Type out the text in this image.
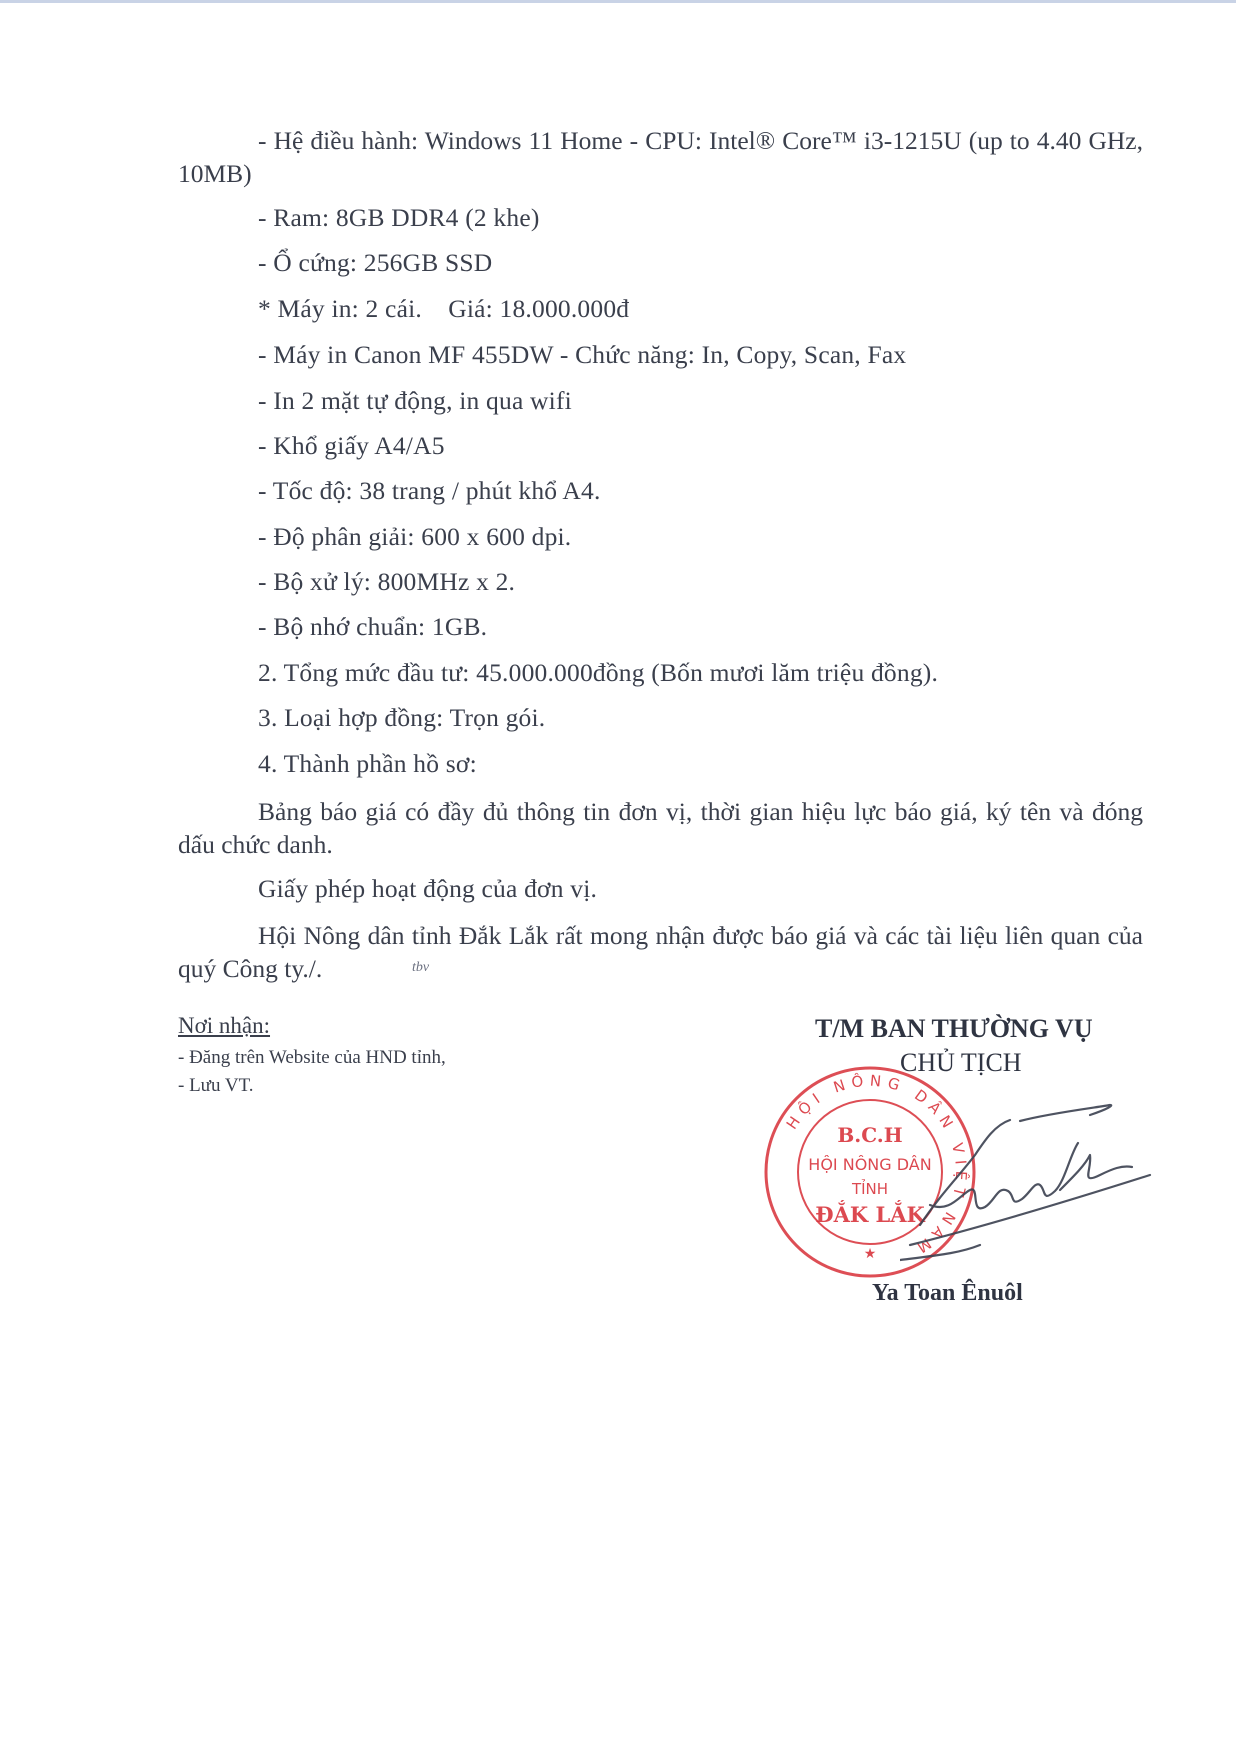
- Hệ điều hành: Windows 11 Home - CPU: Intel® Core™ i3-1215U (up to 4.40 GHz, 10MB)
- Ram: 8GB DDR4 (2 khe)
- Ổ cứng: 256GB SSD
* Máy in: 2 cái.    Giá: 18.000.000đ
- Máy in Canon MF 455DW - Chức năng: In, Copy, Scan, Fax
- In 2 mặt tự động, in qua wifi
- Khổ giấy A4/A5
- Tốc độ: 38 trang / phút khổ A4.
- Độ phân giải: 600 x 600 dpi.
- Bộ xử lý: 800MHz x 2.
- Bộ nhớ chuẩn: 1GB.
2. Tổng mức đầu tư: 45.000.000đồng (Bốn mươi lăm triệu đồng).
3. Loại hợp đồng: Trọn gói.
4. Thành phần hồ sơ:
Bảng báo giá có đầy đủ thông tin đơn vị, thời gian hiệu lực báo giá, ký tên và đóng dấu chức danh.
Giấy phép hoạt động của đơn vị.
Hội Nông dân tỉnh Đắk Lắk rất mong nhận được báo giá và các tài liệu liên quan của quý Công ty./.	tbv
Nơi nhận:
- Đăng trên Website của HND tỉnh,
- Lưu VT.
T/M BAN THƯỜNG VỤ
CHỦ TỊCH
HỘI NÔNG DÂN VIỆT NAM
B.C.H
HỘI NÔNG DÂN
TỈNH
ĐẮK LẮK
★
Ya Toan Ênuôl
